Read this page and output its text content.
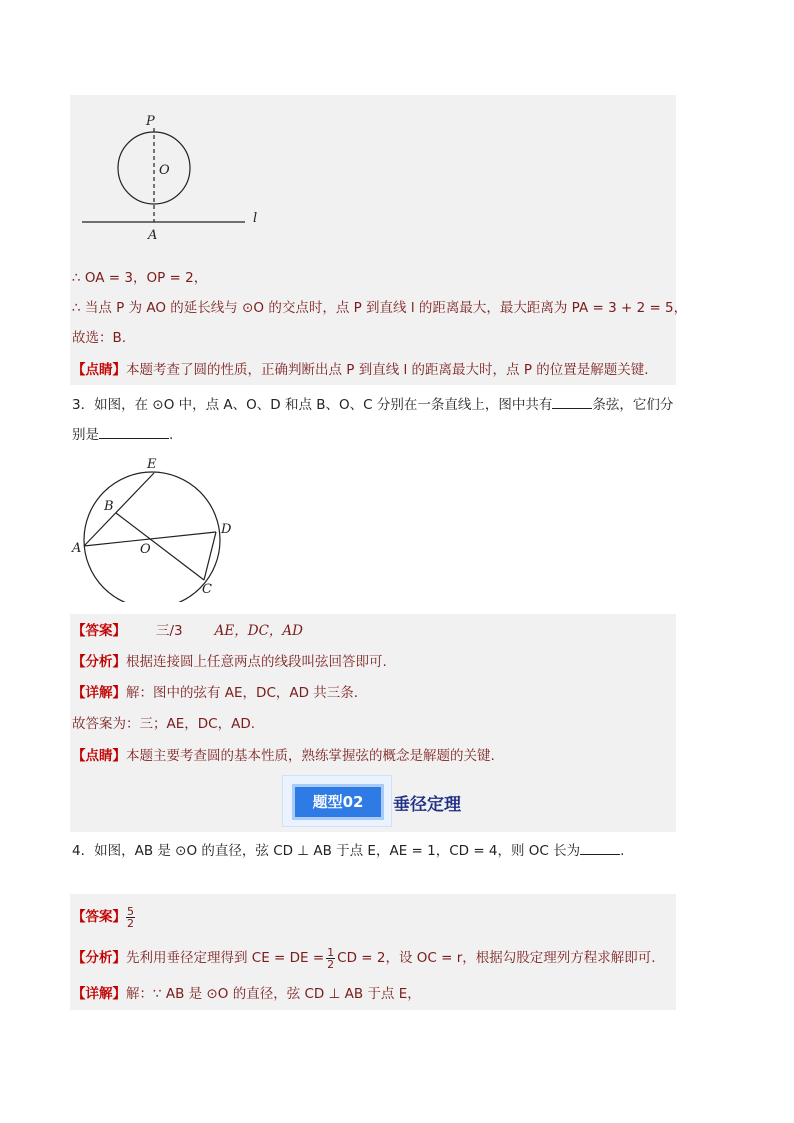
P
O
A
l
∴ OA = 3，OP = 2，
∴ 当点 P 为 AO 的延长线与 ⊙O 的交点时，点 P 到直线 l 的距离最大，最大距离为 PA = 3 + 2 = 5，
故选：B.
【点睛】本题考查了圆的性质，正确判断出点 P 到直线 l 的距离最大时，点 P 的位置是解题关键.
3．如图，在 ⊙O 中，点 A、O、D 和点 B、O、C 分别在一条直线上，图中共有	条弦，它们分
别是	.
E
B
D
A	O
C
【答案】 三/3 AE，DC，AD
【分析】根据连接圆上任意两点的线段叫弦回答即可.
【详解】解：图中的弦有 AE，DC，AD 共三条.
故答案为：三；AE，DC，AD.
【点睛】本题主要考查圆的基本性质，熟练掌握弦的概念是解题的关键.
题型02	垂径定理
4．如图，AB 是 ⊙O 的直径，弦 CD ⊥ AB 于点 E，AE = 1，CD = 4，则 OC 长为	.
【答案】 $\frac{5}{2}$
【分析】先利用垂径定理得到 CE = DE = $\frac{1}{2}$ CD = 2，设 OC = r，根据勾股定理列方程求解即可.
【详解】解：∵ AB 是 ⊙O 的直径，弦 CD ⊥ AB 于点 E，
